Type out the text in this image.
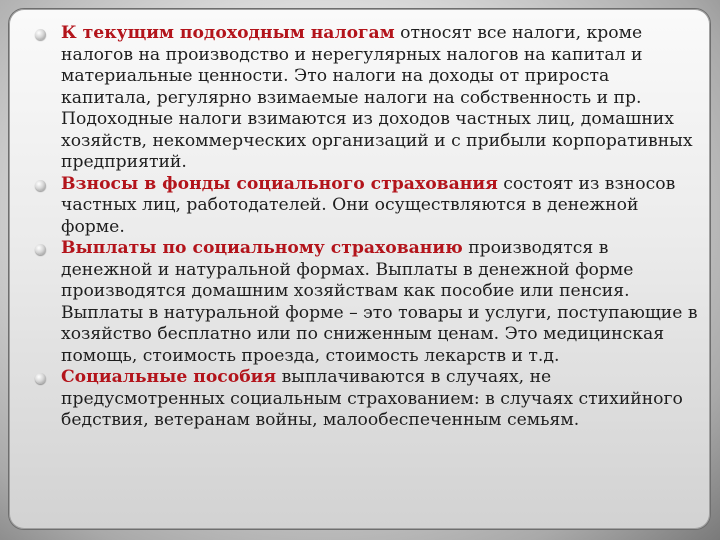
К текущим подоходным налогам относят все налоги, кроме налогов на производство и нерегулярных налогов на капитал и материальные ценности. Это налоги на доходы от прироста капитала, регулярно взимаемые налоги на собственность и пр. Подоходные налоги взимаются из доходов частных лиц, домашних хозяйств, некоммерческих организаций и с прибыли корпоративных предприятий.
Взносы в фонды социального страхования состоят из взносов частных лиц, работодателей. Они осуществляются в денежной форме.
Выплаты по социальному страхованию производятся в денежной и натуральной формах. Выплаты в денежной форме производятся домашним хозяйствам как пособие или пенсия. Выплаты в натуральной форме – это товары и услуги, поступающие в хозяйство бесплатно или по сниженным ценам. Это медицинская помощь, стоимость проезда, стоимость лекарств и т.д.
Социальные пособия выплачиваются в случаях, не предусмотренных социальным страхованием: в случаях стихийного бедствия, ветеранам войны, малообеспеченным семьям.
